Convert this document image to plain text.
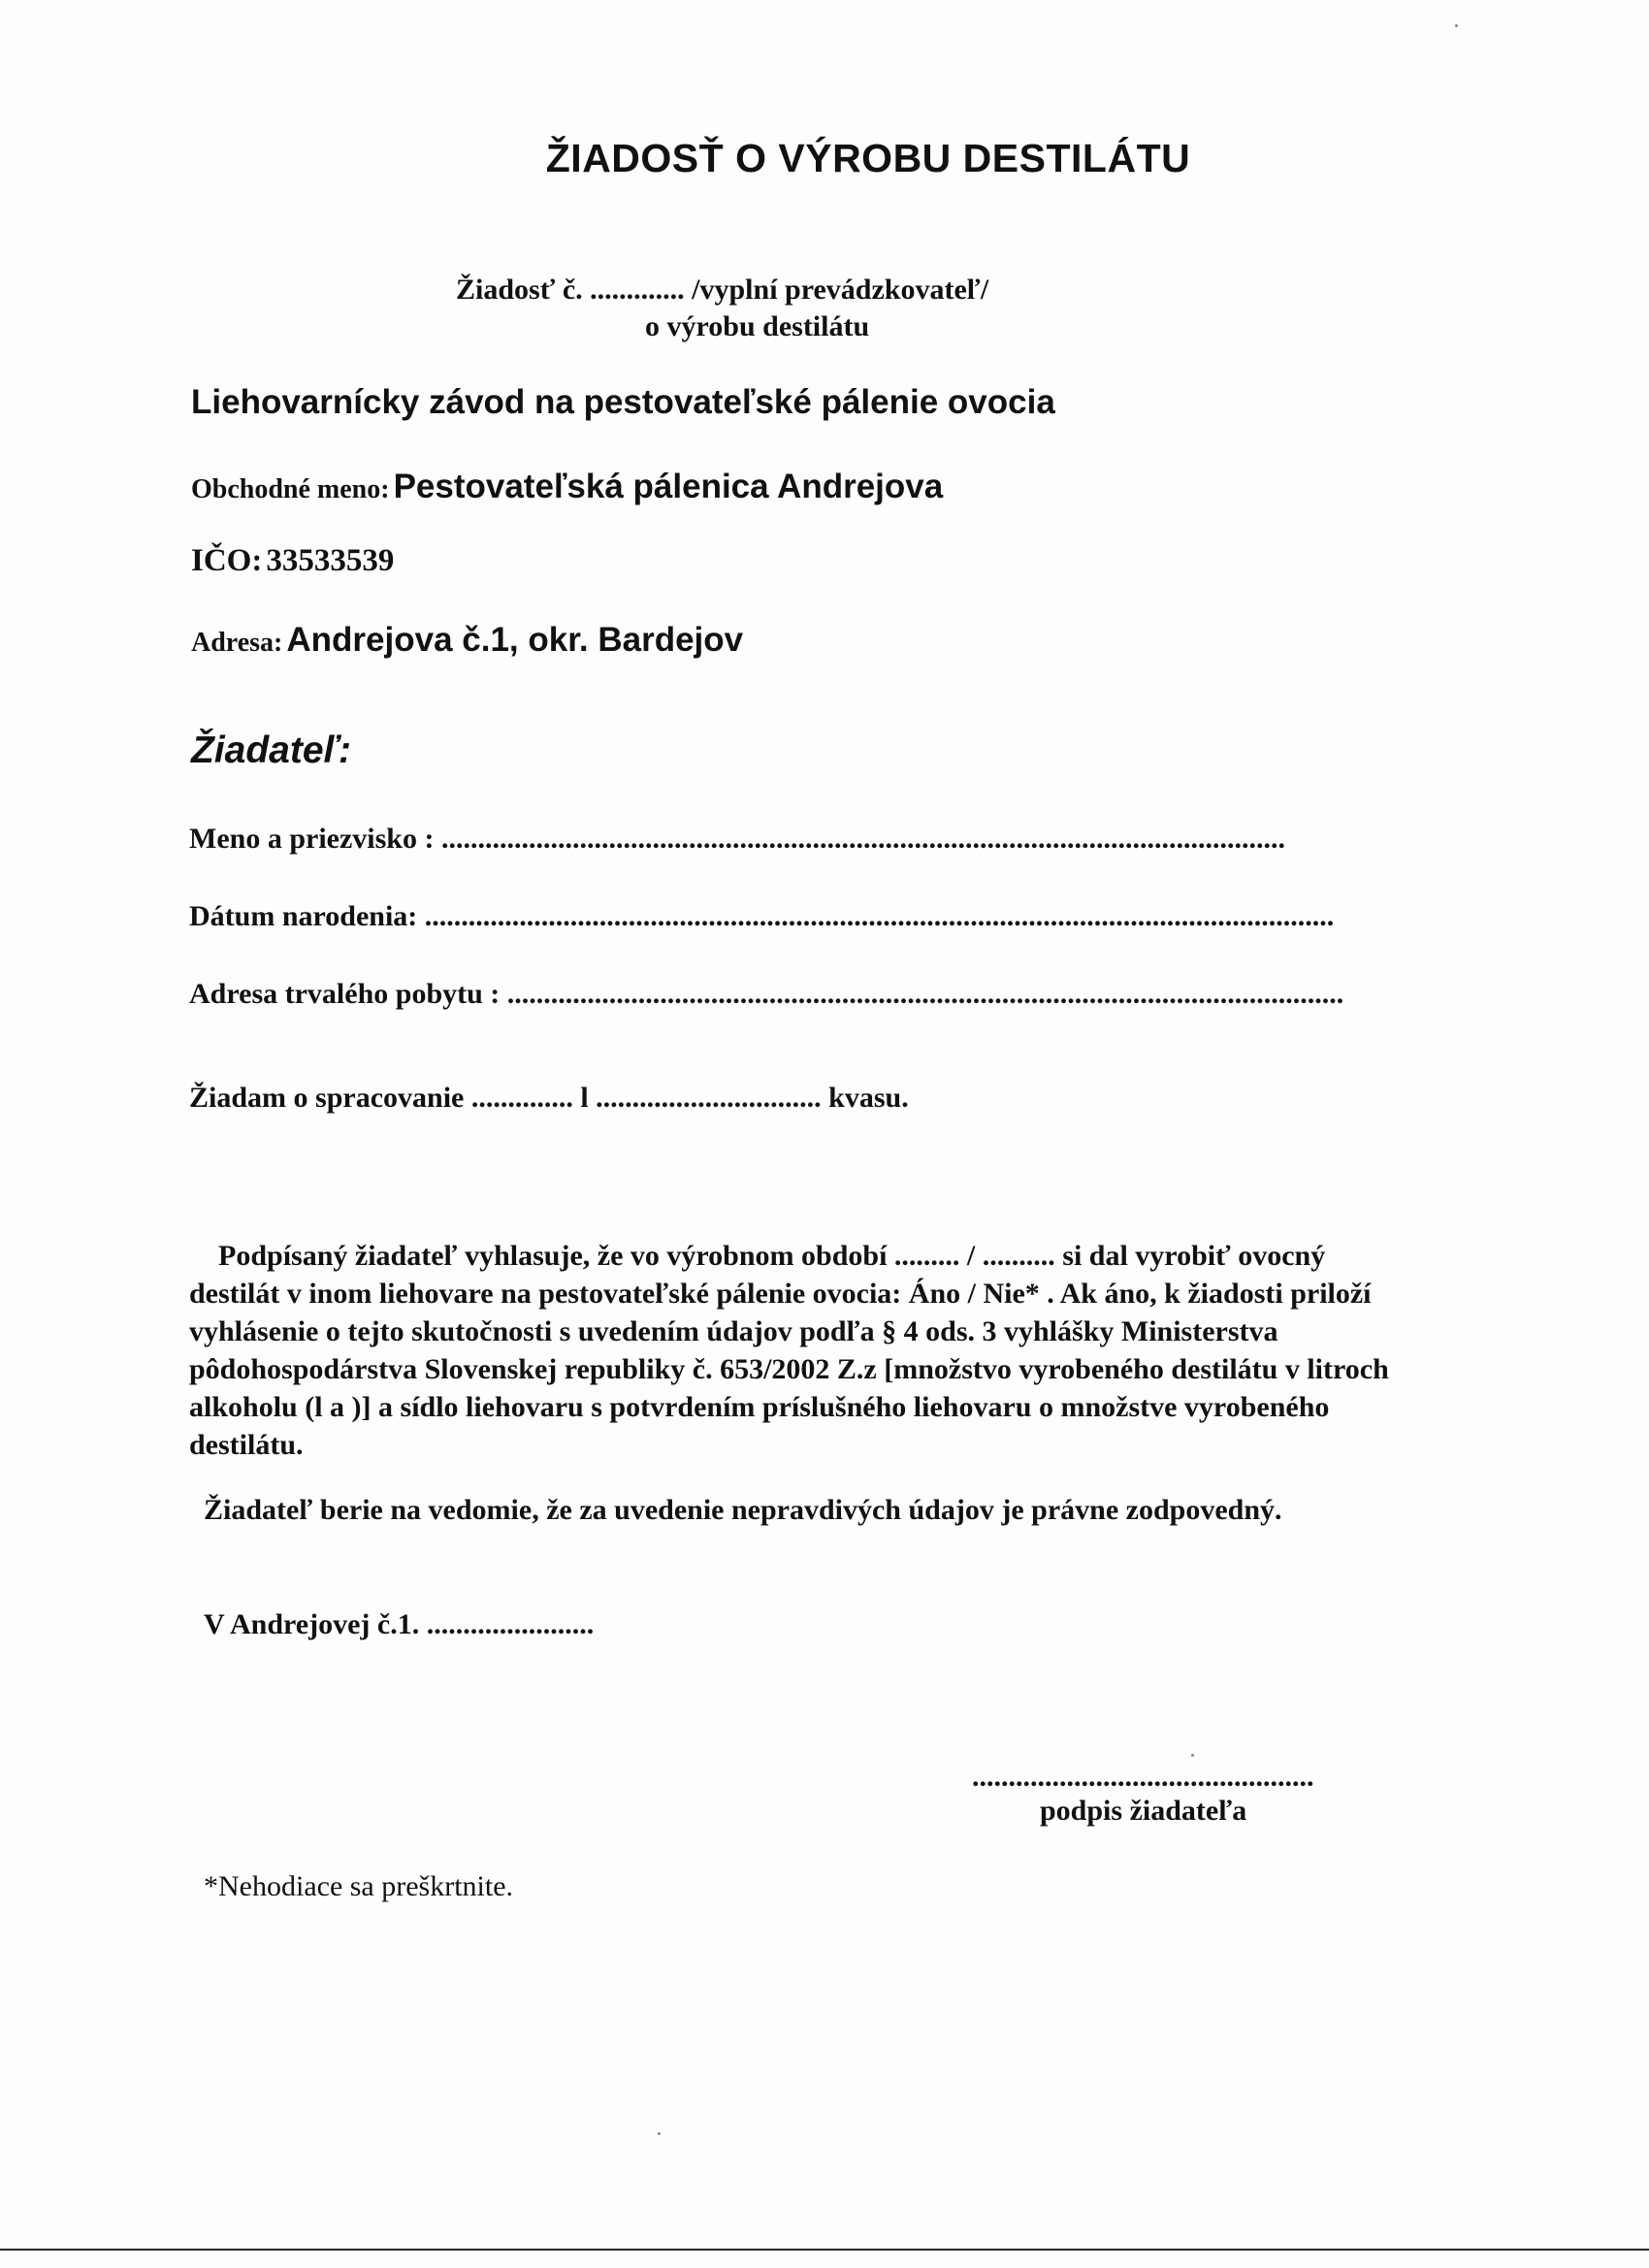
ŽIADOSŤ O VÝROBU DESTILÁTU
Žiadosť č. ............. /vyplní prevádzkovateľ/
o výrobu destilátu
Liehovarnícky závod na pestovateľské pálenie ovocia
Obchodné meno: Pestovateľská pálenica Andrejova
IČO: 33533539
Adresa: Andrejova č.1, okr. Bardejov
Žiadateľ:
Meno a priezvisko : ....................................................................................................................
Dátum narodenia: .............................................................................................................................
Adresa trvalého pobytu : ...................................................................................................................
Žiadam o spracovanie .............. l ............................... kvasu.
Podpísaný žiadateľ vyhlasuje, že vo výrobnom období ......... / .......... si dal vyrobiť ovocný destilát v inom liehovare na pestovateľské pálenie ovocia: Áno / Nie* . Ak áno, k žiadosti priloží vyhlásenie o tejto skutočnosti s uvedením údajov podľa § 4 ods. 3 vyhlášky Ministerstva pôdohospodárstva Slovenskej republiky č. 653/2002 Z.z [množstvo vyrobeného destilátu v litroch alkoholu (l a )] a sídlo liehovaru s potvrdením príslušného liehovaru o množstve vyrobeného destilátu.
Žiadateľ berie na vedomie, že za uvedenie nepravdivých údajov je právne zodpovedný.
V Andrejovej č.1. .......................
...............................................
podpis žiadateľa
*Nehodiace sa preškrtnite.
